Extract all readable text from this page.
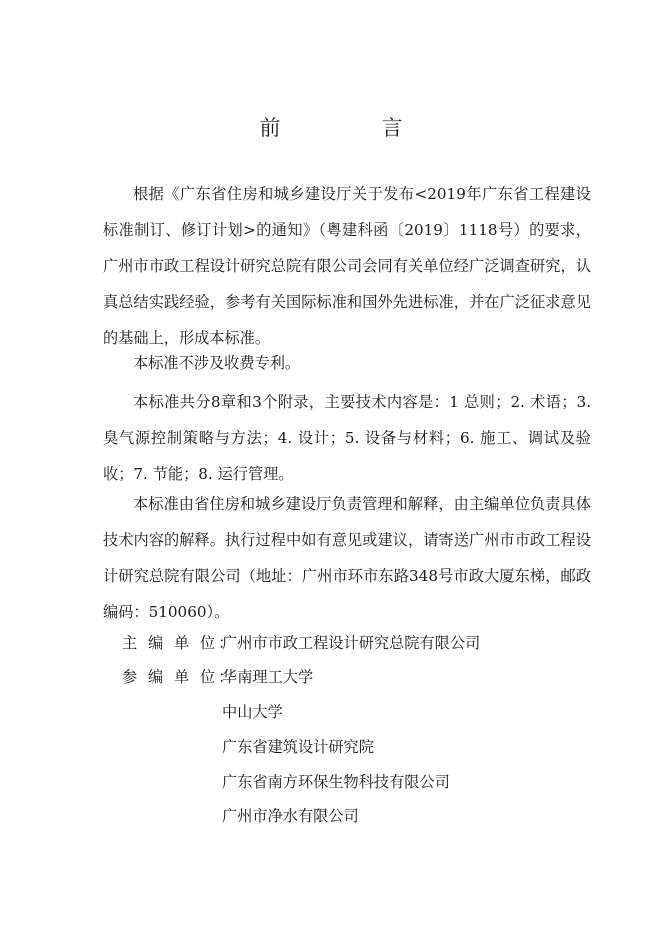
前　言

根据《广东省住房和城乡建设厅关于发布<2019年广东省工程建设标准制订、修订计划>的通知》（粤建科函〔2019〕1118号）的要求，广州市市政工程设计研究总院有限公司会同有关单位经广泛调查研究，认真总结实践经验，参考有关国际标准和国外先进标准，并在广泛征求意见的基础上，形成本标准。

本标准不涉及收费专利。

本标准共分8章和3个附录，主要技术内容是：1 总则；2. 术语；3. 臭气源控制策略与方法；4. 设计；5. 设备与材料；6. 施工、调试及验收；7. 节能；8. 运行管理。

本标准由省住房和城乡建设厅负责管理和解释，由主编单位负责具体技术内容的解释。执行过程中如有意见或建议，请寄送广州市市政工程设计研究总院有限公司（地址：广州市环市东路348号市政大厦东梯，邮政编码：510060）。

主 编 单 位：广州市市政工程设计研究总院有限公司
参 编 单 位：华南理工大学
中山大学
广东省建筑设计研究院
广东省南方环保生物科技有限公司
广州市净水有限公司
